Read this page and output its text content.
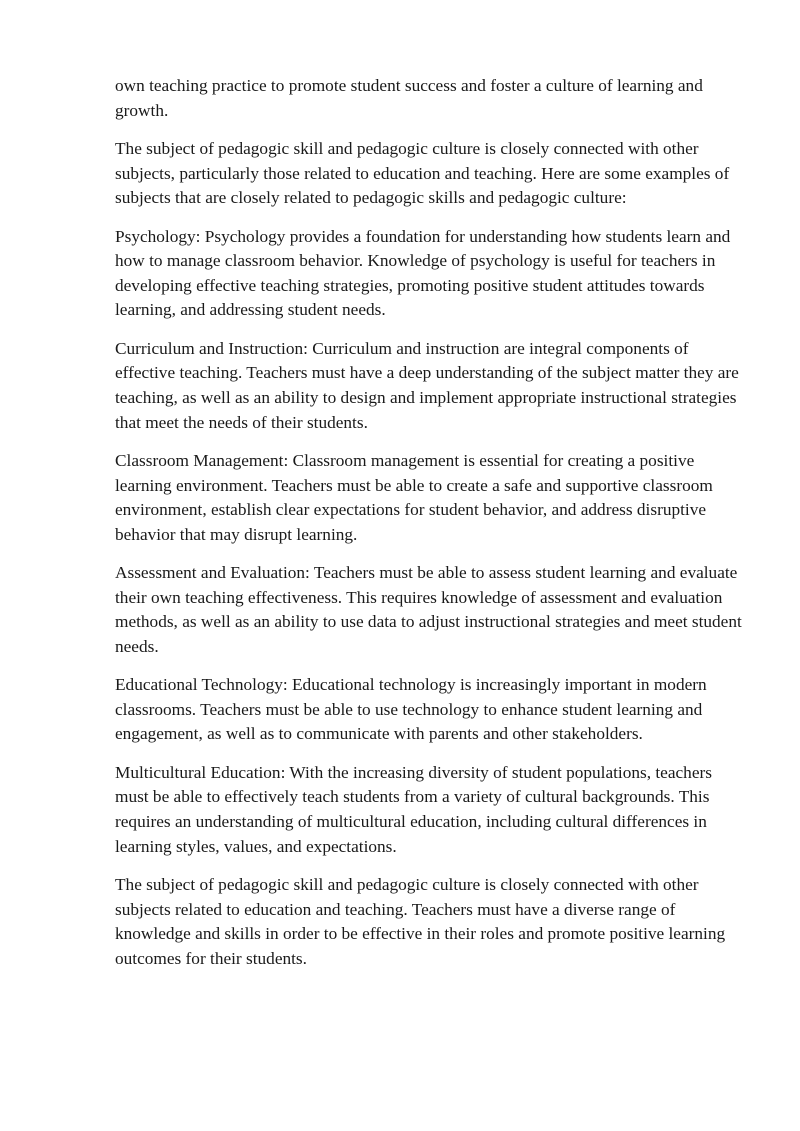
own teaching practice to promote student success and foster a culture of learning and growth.

The subject of pedagogic skill and pedagogic culture is closely connected with other subjects, particularly those related to education and teaching. Here are some examples of subjects that are closely related to pedagogic skills and pedagogic culture:

Psychology: Psychology provides a foundation for understanding how students learn and how to manage classroom behavior. Knowledge of psychology is useful for teachers in developing effective teaching strategies, promoting positive student attitudes towards learning, and addressing student needs.

Curriculum and Instruction: Curriculum and instruction are integral components of effective teaching. Teachers must have a deep understanding of the subject matter they are teaching, as well as an ability to design and implement appropriate instructional strategies that meet the needs of their students.

Classroom Management: Classroom management is essential for creating a positive learning environment. Teachers must be able to create a safe and supportive classroom environment, establish clear expectations for student behavior, and address disruptive behavior that may disrupt learning.

Assessment and Evaluation: Teachers must be able to assess student learning and evaluate their own teaching effectiveness. This requires knowledge of assessment and evaluation methods, as well as an ability to use data to adjust instructional strategies and meet student needs.

Educational Technology: Educational technology is increasingly important in modern classrooms. Teachers must be able to use technology to enhance student learning and engagement, as well as to communicate with parents and other stakeholders.

Multicultural Education: With the increasing diversity of student populations, teachers must be able to effectively teach students from a variety of cultural backgrounds. This requires an understanding of multicultural education, including cultural differences in learning styles, values, and expectations.

The subject of pedagogic skill and pedagogic culture is closely connected with other subjects related to education and teaching. Teachers must have a diverse range of knowledge and skills in order to be effective in their roles and promote positive learning outcomes for their students.
